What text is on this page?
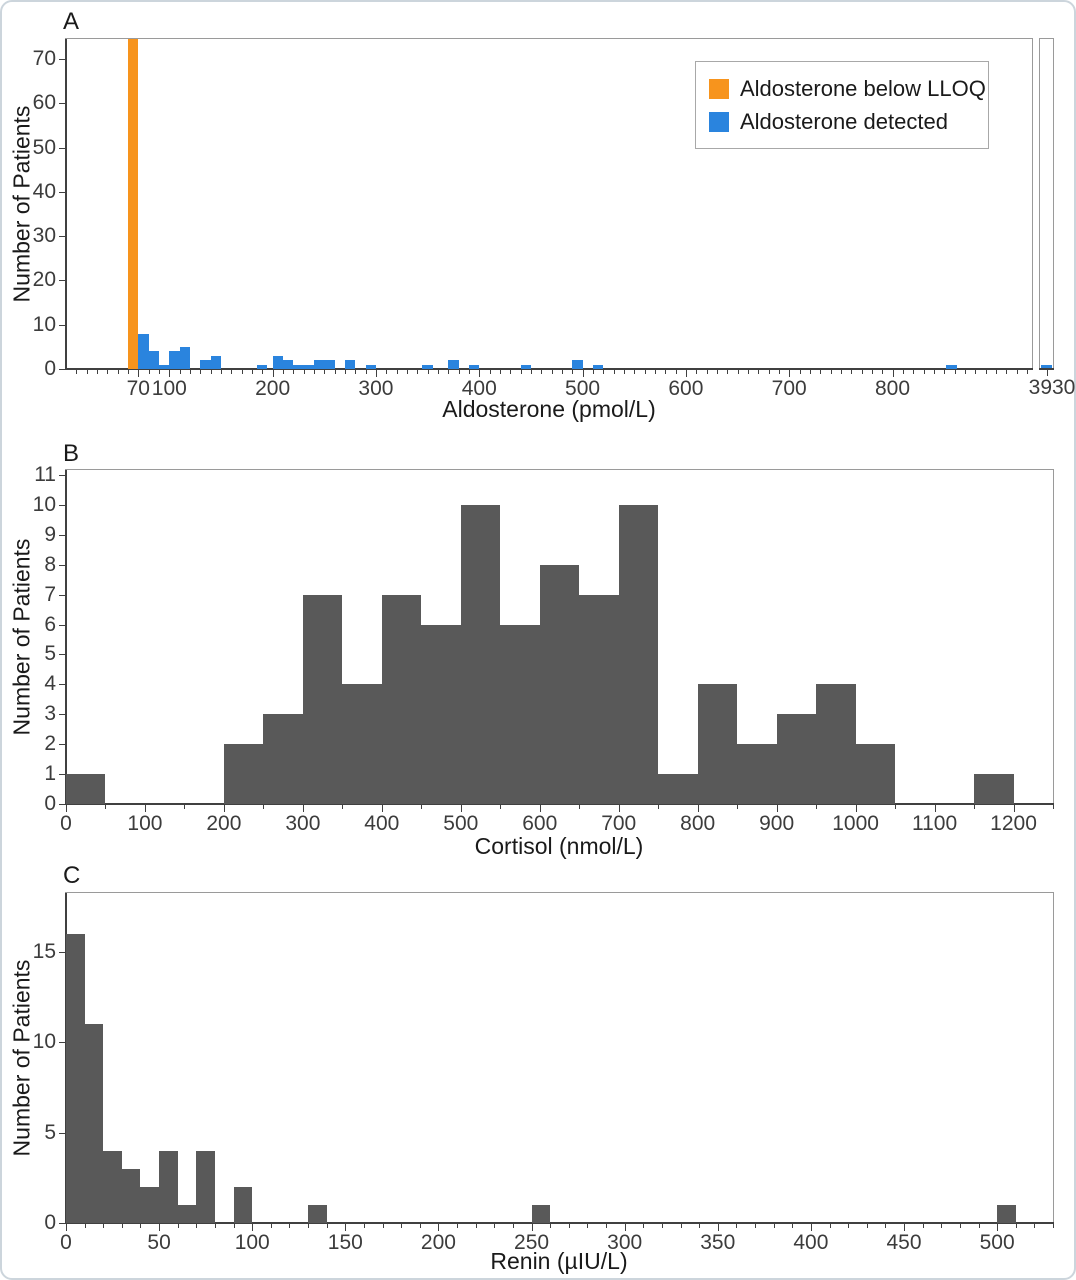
A
Number of Patients
0
10
20
30
40
50
60
70
70 100	200	300	400	500	600	700	800
Aldosterone (pmol/L)
Aldosterone below LLOQ
Aldosterone detected
3930
B
Number of Patients
0
1
2
3
4
5
6
7
8
9
10
11
0	100 200 300 400 500 600 700 800 900 1000 1100 1200
Cortisol (nmol/L)
C
Number of Patients
0
5
10
15
0	50	100	150	200	250	300	350	400	450	500
Renin (µIU/L)
